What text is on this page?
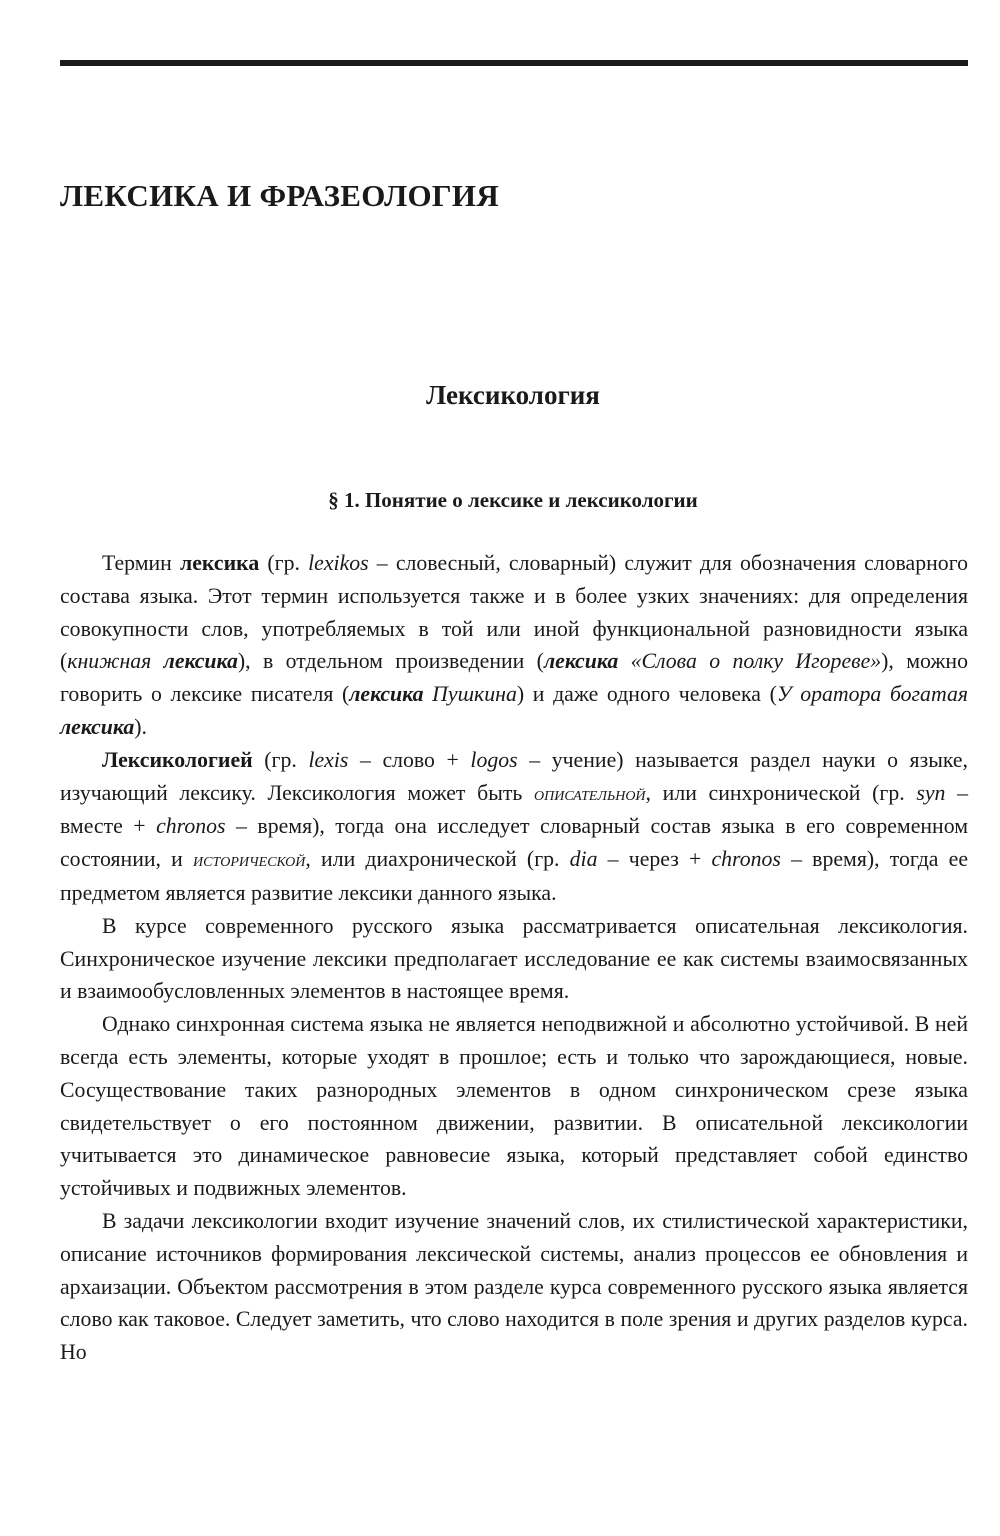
ЛЕКСИКА И ФРАЗЕОЛОГИЯ
Лексикология
§ 1. Понятие о лексике и лексикологии

Термин лексика (гр. lexikos – словесный, словарный) служит для обозначения словарного состава языка. Этот термин используется также и в более узких значениях: для определения совокупности слов, употребляемых в той или иной функциональной разновидности языка (книжная лексика), в отдельном произведении (лексика «Слова о полку Игореве»), можно говорить о лексике писателя (лексика Пушкина) и даже одного человека (У оратора богатая лексика).

Лексикологией (гр. lexis – слово + logos – учение) называется раздел науки о языке, изучающий лексику. Лексикология может быть описательной, или синхронической (гр. syn – вместе + chronos – время), тогда она исследует словарный состав языка в его современном состоянии, и исторической, или диахронической (гр. dia – через + chronos – время), тогда ее предметом является развитие лексики данного языка.

В курсе современного русского языка рассматривается описательная лексикология. Синхроническое изучение лексики предполагает исследование ее как системы взаимосвязанных и взаимообусловленных элементов в настоящее время.

Однако синхронная система языка не является неподвижной и абсолютно устойчивой. В ней всегда есть элементы, которые уходят в прошлое; есть и только что зарождающиеся, новые. Сосуществование таких разнородных элементов в одном синхроническом срезе языка свидетельствует о его постоянном движении, развитии. В описательной лексикологии учитывается это динамическое равновесие языка, который представляет собой единство устойчивых и подвижных элементов.

В задачи лексикологии входит изучение значений слов, их стилистической характеристики, описание источников формирования лексической системы, анализ процессов ее обновления и архаизации. Объектом рассмотрения в этом разделе курса современного русского языка является слово как таковое. Следует заметить, что слово находится в поле зрения и других разделов курса. Но
